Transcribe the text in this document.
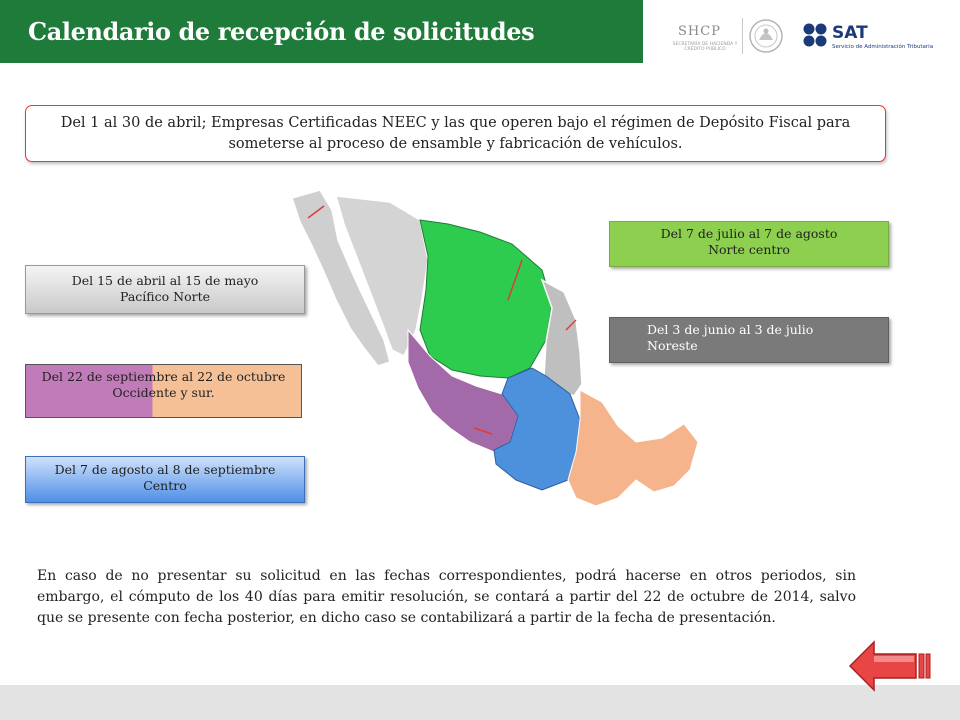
Calendario de recepción de solicitudes	SHCP
SECRETARÍA DE HACIENDA Y CRÉDITO PÚBLICO
SAT
Servicio de Administración Tributaria
Del 1 al 30 de abril; Empresas Certificadas NEEC y las que operen bajo el régimen de Depósito Fiscal para someterse al proceso de ensamble y fabricación de vehículos.
Del 15 de abril al 15 de mayo
Pacífico Norte
Del 22 de septiembre al 22 de octubre
Occidente y sur.
Del 7 de agosto al 8 de septiembre
Centro
Del 7 de julio al 7 de agosto
Norte centro
Del 3 de junio al 3 de julio
Noreste
En caso de no presentar su solicitud en las fechas correspondientes, podrá hacerse en otros periodos, sin embargo, el cómputo de los 40 días para emitir resolución, se contará a partir del 22 de octubre de 2014, salvo que se presente con fecha posterior, en dicho caso se contabilizará a partir de la fecha de presentación.
